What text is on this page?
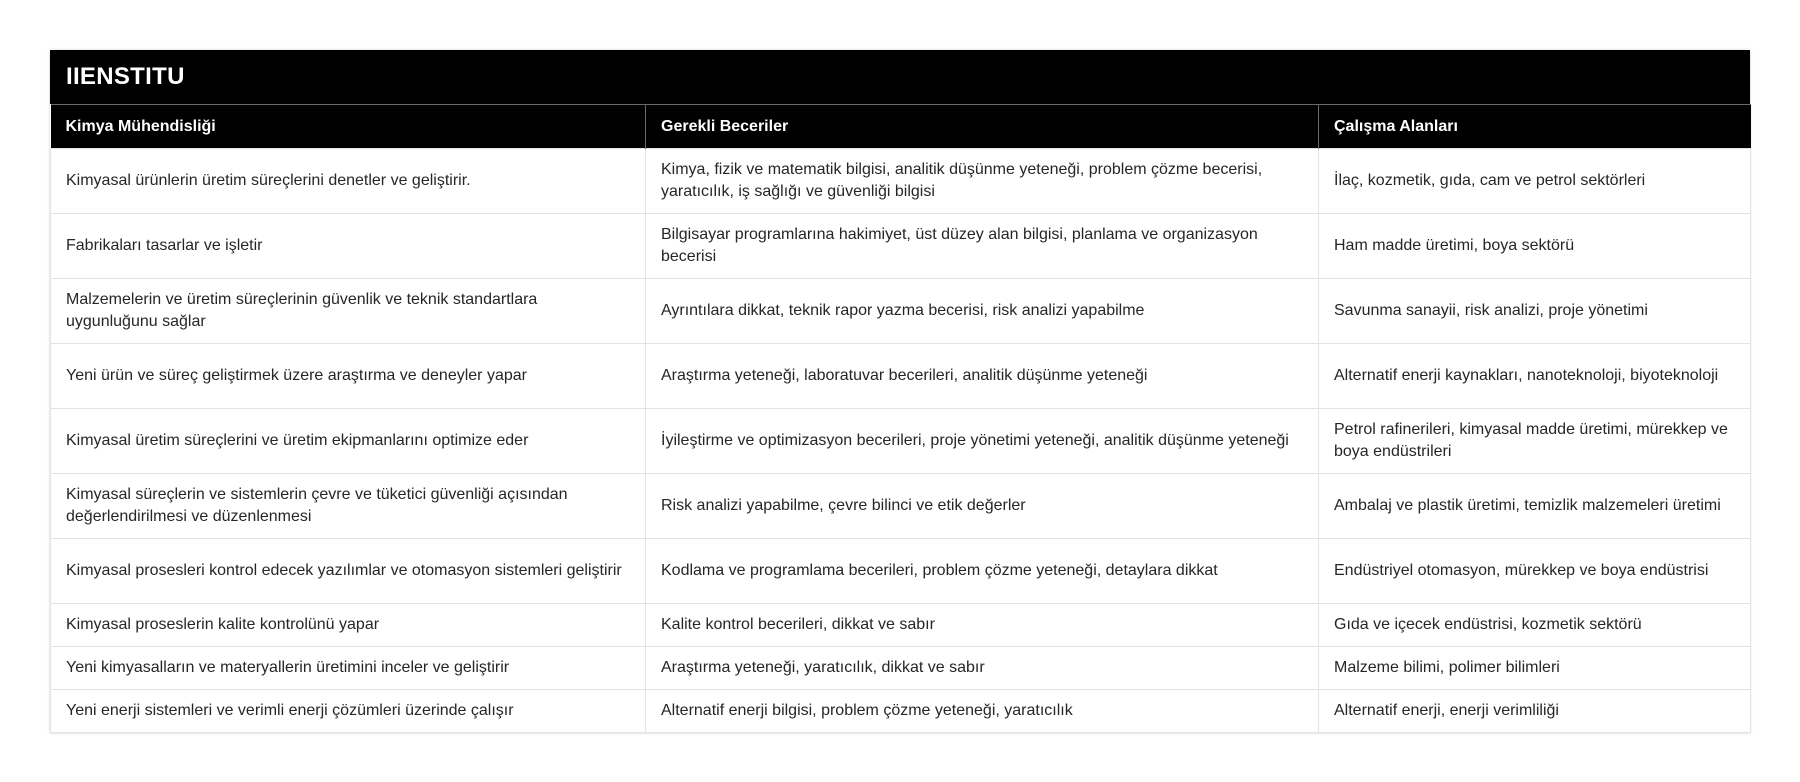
IIENSTITU
Kimya Mühendisliği	Gerekli Beceriler	Çalışma Alanları
Kimyasal ürünlerin üretim süreçlerini denetler ve geliştirir.	Kimya, fizik ve matematik bilgisi, analitik düşünme yeteneği, problem çözme becerisi, yaratıcılık, iş sağlığı ve güvenliği bilgisi	İlaç, kozmetik, gıda, cam ve petrol sektörleri
Fabrikaları tasarlar ve işletir	Bilgisayar programlarına hakimiyet, üst düzey alan bilgisi, planlama ve organizasyon becerisi	Ham madde üretimi, boya sektörü
Malzemelerin ve üretim süreçlerinin güvenlik ve teknik standartlara uygunluğunu sağlar	Ayrıntılara dikkat, teknik rapor yazma becerisi, risk analizi yapabilme	Savunma sanayii, risk analizi, proje yönetimi
Yeni ürün ve süreç geliştirmek üzere araştırma ve deneyler yapar	Araştırma yeteneği, laboratuvar becerileri, analitik düşünme yeteneği	Alternatif enerji kaynakları, nanoteknoloji, biyoteknoloji
Kimyasal üretim süreçlerini ve üretim ekipmanlarını optimize eder	İyileştirme ve optimizasyon becerileri, proje yönetimi yeteneği, analitik düşünme yeteneği	Petrol rafinerileri, kimyasal madde üretimi, mürekkep ve boya endüstrileri
Kimyasal süreçlerin ve sistemlerin çevre ve tüketici güvenliği açısından değerlendirilmesi ve düzenlenmesi	Risk analizi yapabilme, çevre bilinci ve etik değerler	Ambalaj ve plastik üretimi, temizlik malzemeleri üretimi
Kimyasal prosesleri kontrol edecek yazılımlar ve otomasyon sistemleri geliştirir	Kodlama ve programlama becerileri, problem çözme yeteneği, detaylara dikkat	Endüstriyel otomasyon, mürekkep ve boya endüstrisi
Kimyasal proseslerin kalite kontrolünü yapar	Kalite kontrol becerileri, dikkat ve sabır	Gıda ve içecek endüstrisi, kozmetik sektörü
Yeni kimyasalların ve materyallerin üretimini inceler ve geliştirir	Araştırma yeteneği, yaratıcılık, dikkat ve sabır	Malzeme bilimi, polimer bilimleri
Yeni enerji sistemleri ve verimli enerji çözümleri üzerinde çalışır	Alternatif enerji bilgisi, problem çözme yeteneği, yaratıcılık	Alternatif enerji, enerji verimliliği
